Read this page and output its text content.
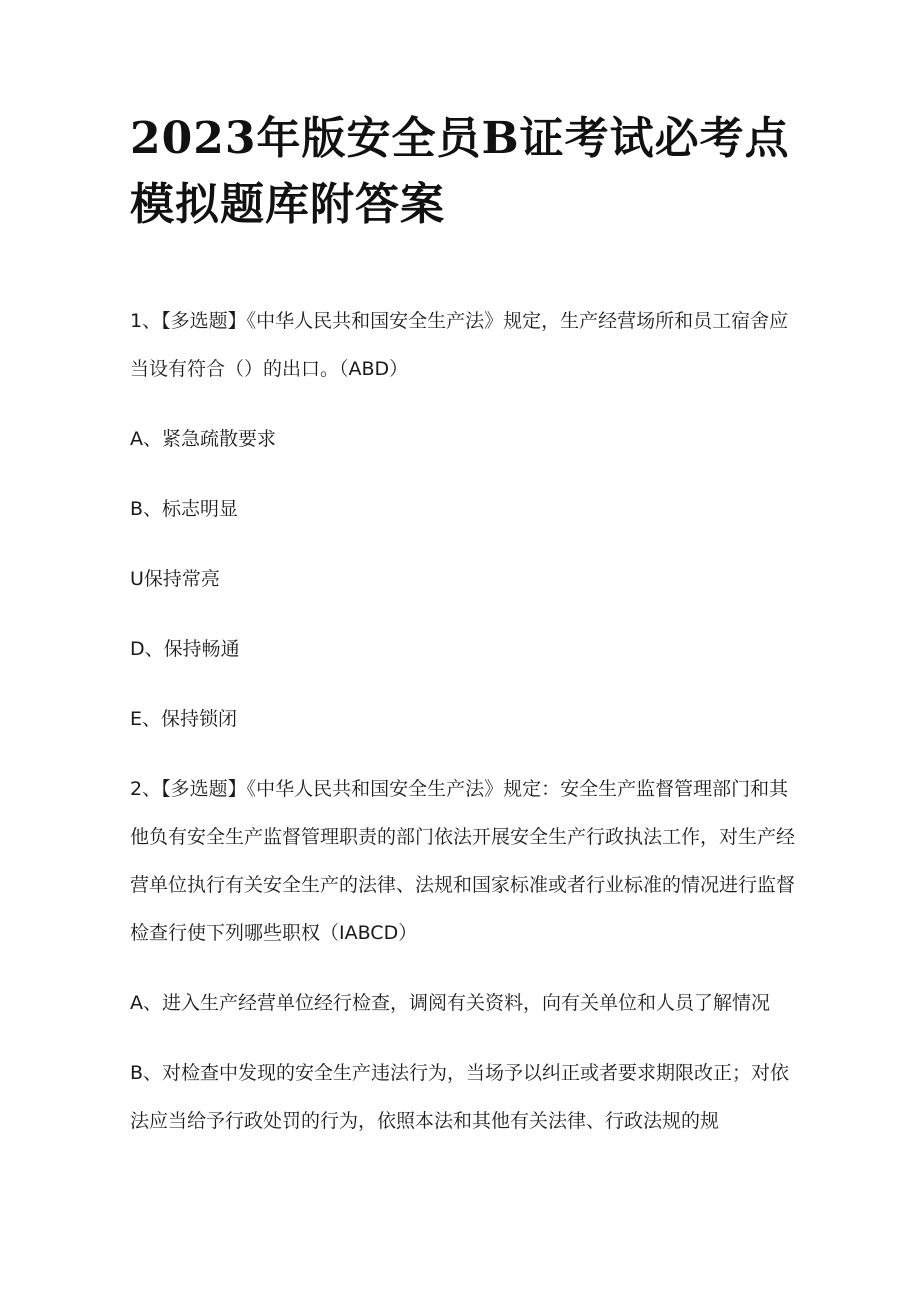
2023年版安全员B证考试必考点模拟题库附答案

1、【多选题】《中华人民共和国安全生产法》规定，生产经营场所和员工宿舍应当设有符合（）的出口。（ABD）

A、紧急疏散要求

B、标志明显

U保持常亮

D、保持畅通

E、保持锁闭

2、【多选题】《中华人民共和国安全生产法》规定：安全生产监督管理部门和其他负有安全生产监督管理职责的部门依法开展安全生产行政执法工作，对生产经营单位执行有关安全生产的法律、法规和国家标准或者行业标准的情况进行监督检查行使下列哪些职权（IABCD）

A、进入生产经营单位经行检查，调阅有关资料，向有关单位和人员了解情况

B、对检查中发现的安全生产违法行为，当场予以纠正或者要求期限改正；对依法应当给予行政处罚的行为，依照本法和其他有关法律、行政法规的规
